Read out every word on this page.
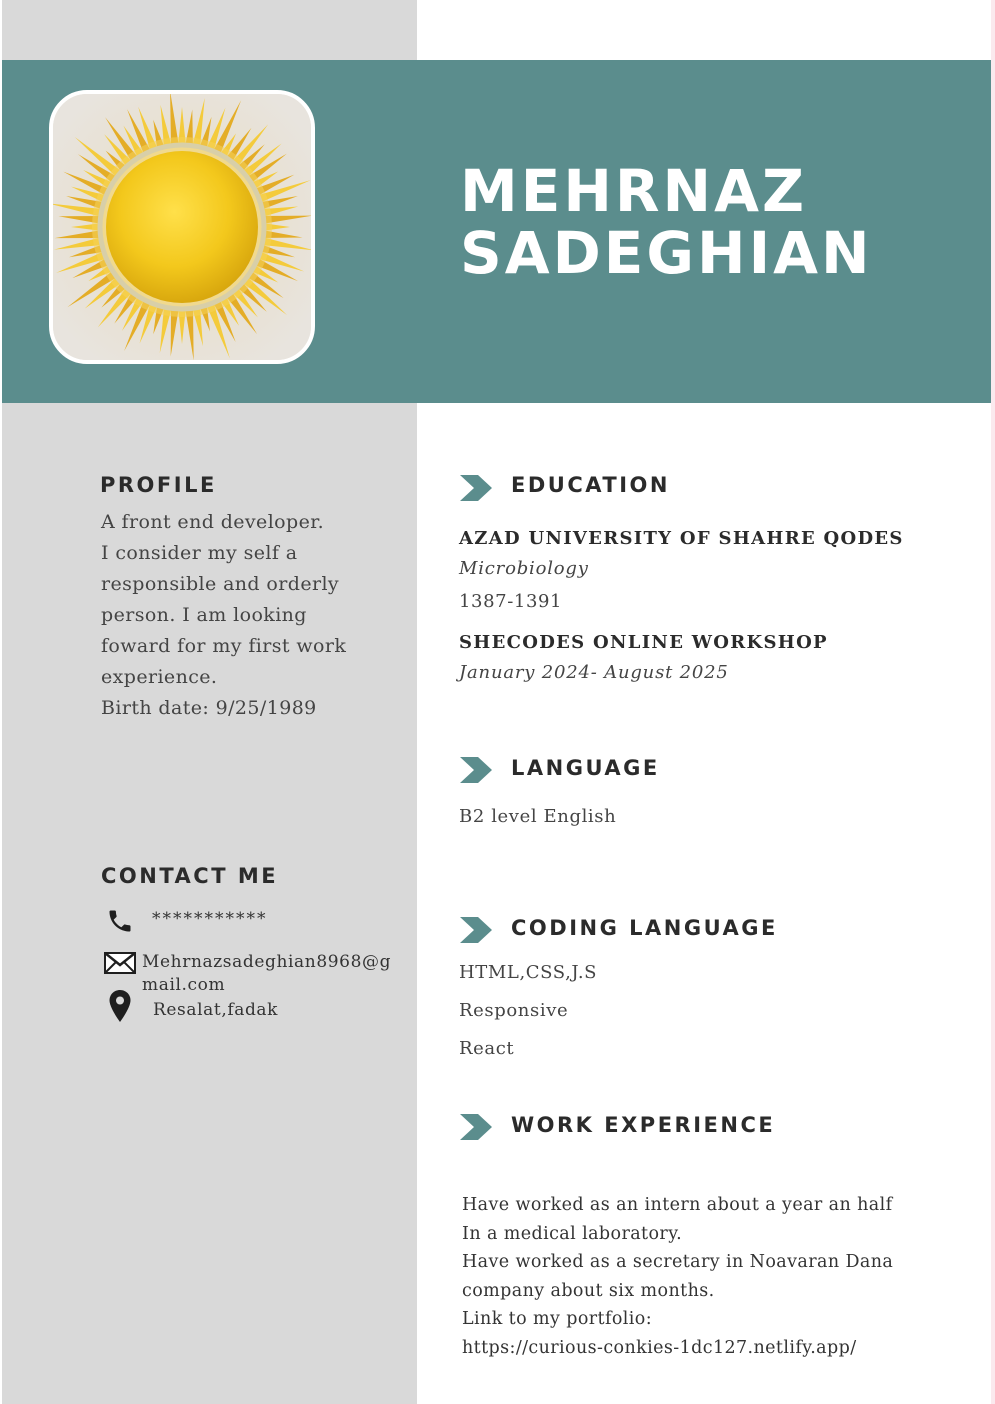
MEHRNAZ
SADEGHIAN
PROFILE
A front end developer.
I consider my self a
responsible and orderly
person. I am looking
foward for my first work
experience.
Birth date: 9/25/1989
CONTACT ME
***********
Mehrnazsadeghian8968@g
mail.com
Resalat,fadak
EDUCATION
AZAD UNIVERSITY OF SHAHRE QODES
Microbiology
1387-1391
SHECODES ONLINE WORKSHOP
January 2024- August 2025
LANGUAGE
B2 level English
CODING LANGUAGE
HTML,CSS,J.S
Responsive
React
WORK EXPERIENCE
Have worked as an intern about a year an half
In a medical laboratory.
Have worked as a secretary in Noavaran Dana
company about six months.
Link to my portfolio:
https://curious-conkies-1dc127.netlify.app/
